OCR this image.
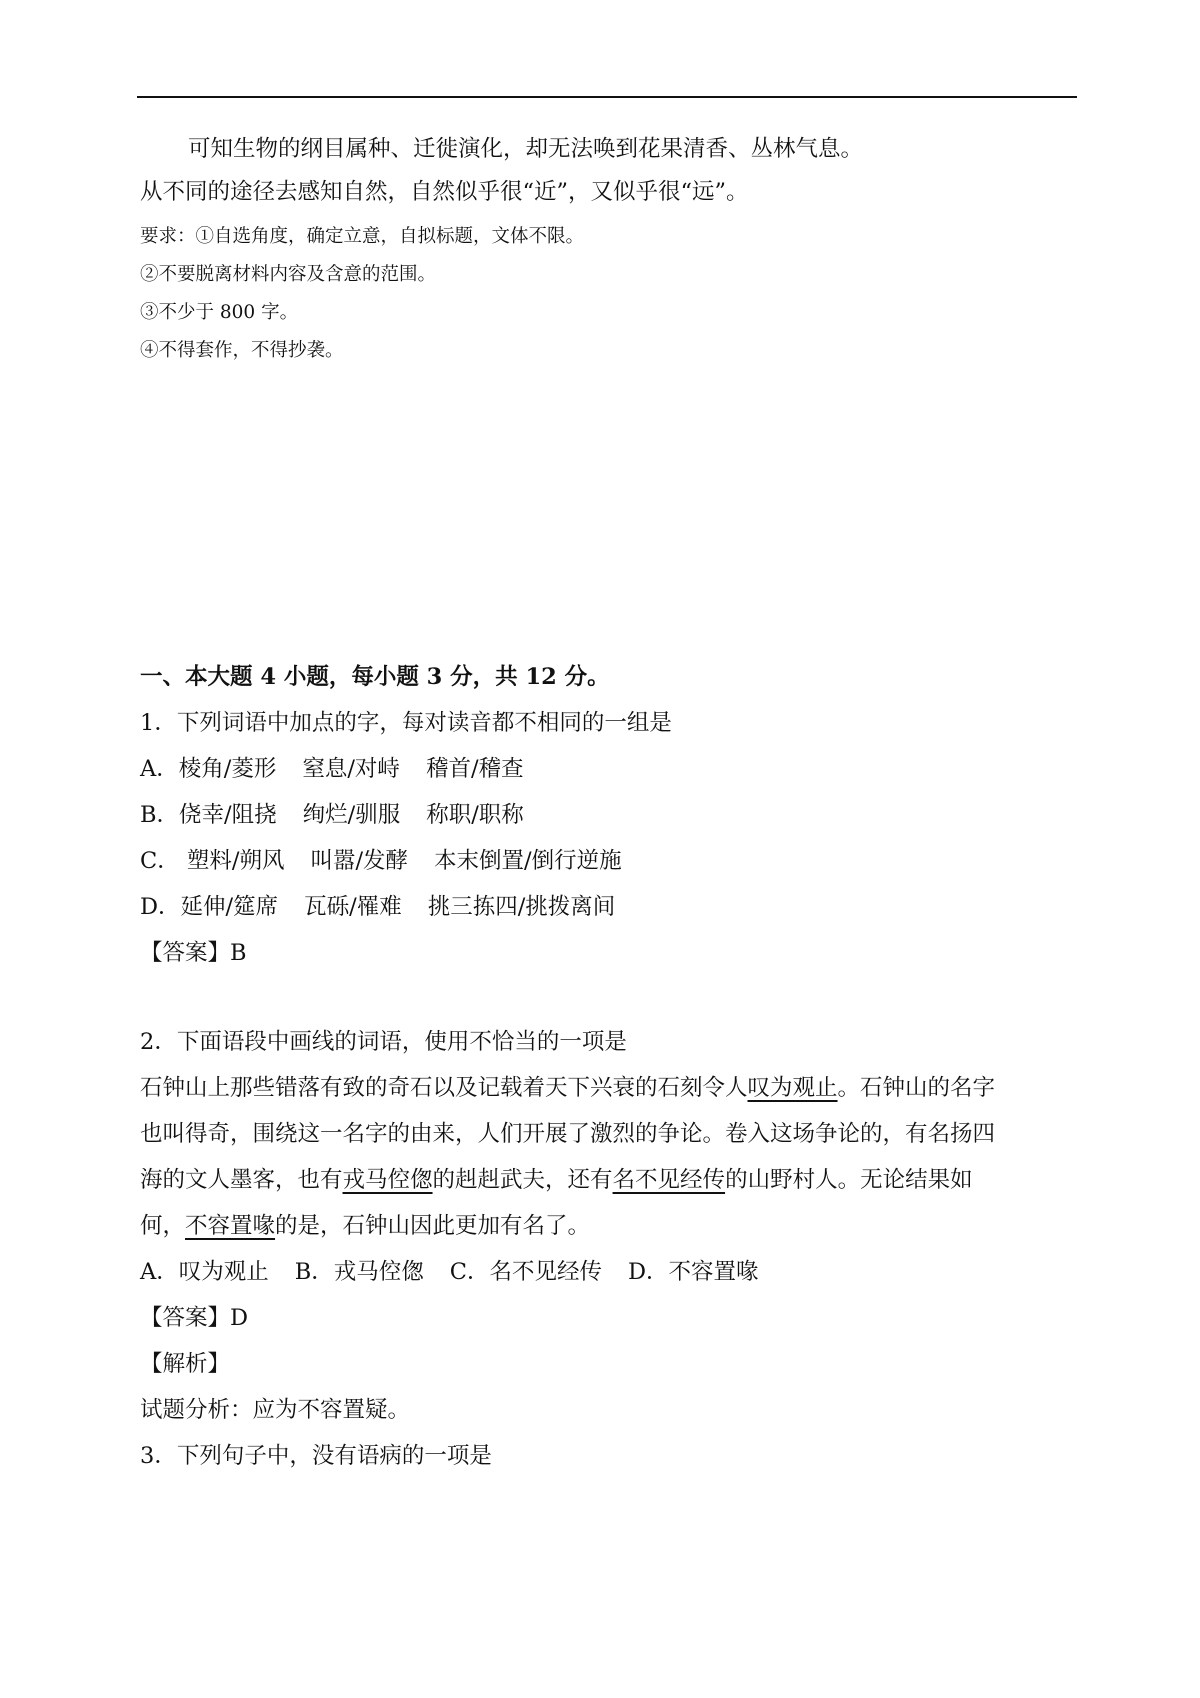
可知生物的纲目属种、迁徙演化，却无法唤到花果清香、丛林气息。
从不同的途径去感知自然，自然似乎很“近”，又似乎很“远”。
要求：①自选角度，确定立意，自拟标题，文体不限。
②不要脱离材料内容及含意的范围。
③不少于 800 字。
④不得套作，不得抄袭。
一、本大题 4 小题，每小题 3 分，共 12 分。
1．下列词语中加点的字，每对读音都不相同的一组是
A．棱角/菱形 窒息/对峙 稽首/稽查
B．侥幸/阻挠 绚烂/驯服 称职/职称
C． 塑料/朔风 叫嚣/发酵 本末倒置/倒行逆施
D．延伸/筵席 瓦砾/罹难 挑三拣四/挑拨离间
【答案】B
2．下面语段中画线的词语，使用不恰当的一项是
石钟山上那些错落有致的奇石以及记载着天下兴衰的石刻令人叹为观止。石钟山的名字
也叫得奇，围绕这一名字的由来，人们开展了激烈的争论。卷入这场争论的，有名扬四
海的文人墨客，也有戎马倥偬的赳赳武夫，还有名不见经传的山野村人。无论结果如
何，不容置喙的是，石钟山因此更加有名了。
A．叹为观止 B．戎马倥偬 C．名不见经传 D．不容置喙
【答案】D
【解析】
试题分析：应为不容置疑。
3．下列句子中，没有语病的一项是
